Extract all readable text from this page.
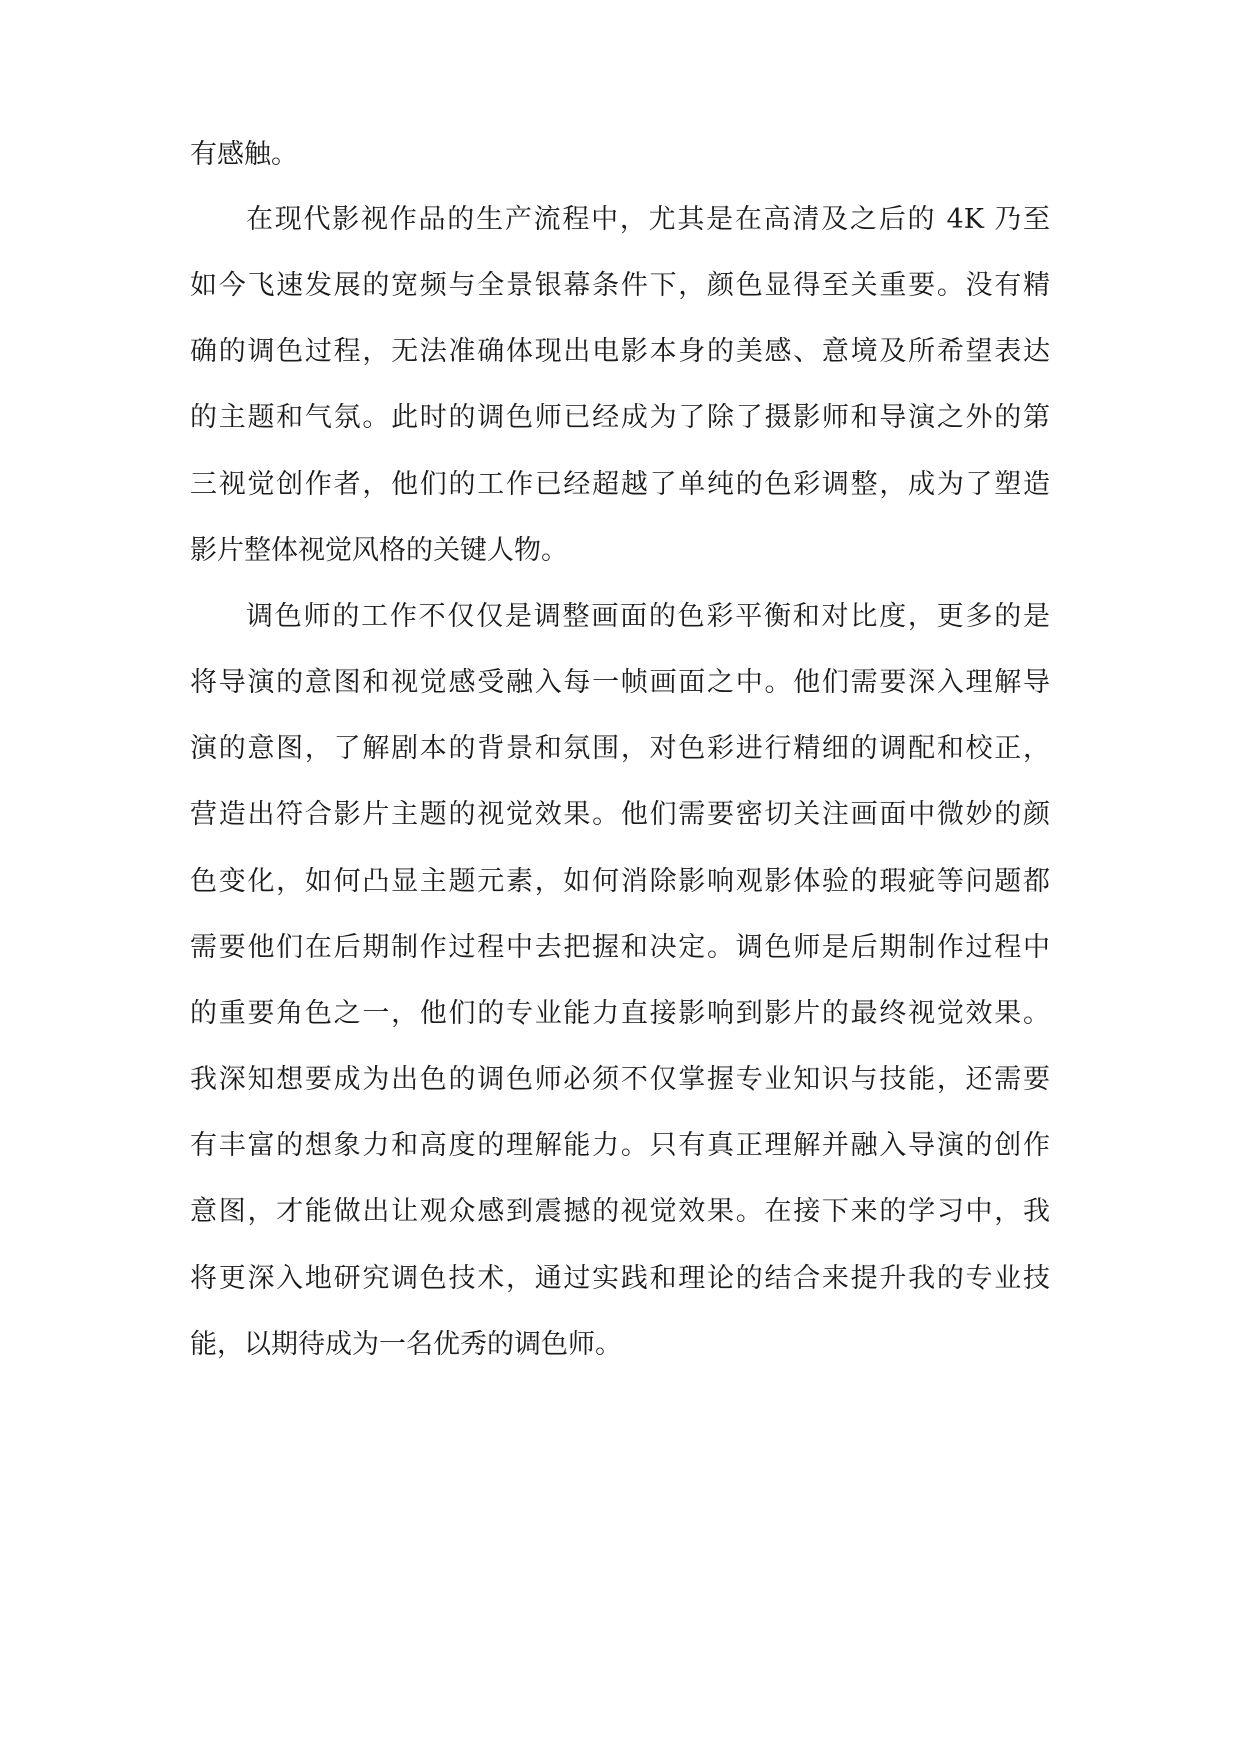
有感触。
在现代影视作品的生产流程中，尤其是在高清及之后的 4K 乃至
如今飞速发展的宽频与全景银幕条件下，颜色显得至关重要。没有精
确的调色过程，无法准确体现出电影本身的美感、意境及所希望表达
的主题和气氛。此时的调色师已经成为了除了摄影师和导演之外的第
三视觉创作者，他们的工作已经超越了单纯的色彩调整，成为了塑造
影片整体视觉风格的关键人物。
调色师的工作不仅仅是调整画面的色彩平衡和对比度，更多的是
将导演的意图和视觉感受融入每一帧画面之中。他们需要深入理解导
演的意图，了解剧本的背景和氛围，对色彩进行精细的调配和校正，
营造出符合影片主题的视觉效果。他们需要密切关注画面中微妙的颜
色变化，如何凸显主题元素，如何消除影响观影体验的瑕疵等问题都
需要他们在后期制作过程中去把握和决定。调色师是后期制作过程中
的重要角色之一，他们的专业能力直接影响到影片的最终视觉效果。
我深知想要成为出色的调色师必须不仅掌握专业知识与技能，还需要
有丰富的想象力和高度的理解能力。只有真正理解并融入导演的创作
意图，才能做出让观众感到震撼的视觉效果。在接下来的学习中，我
将更深入地研究调色技术，通过实践和理论的结合来提升我的专业技
能，以期待成为一名优秀的调色师。
